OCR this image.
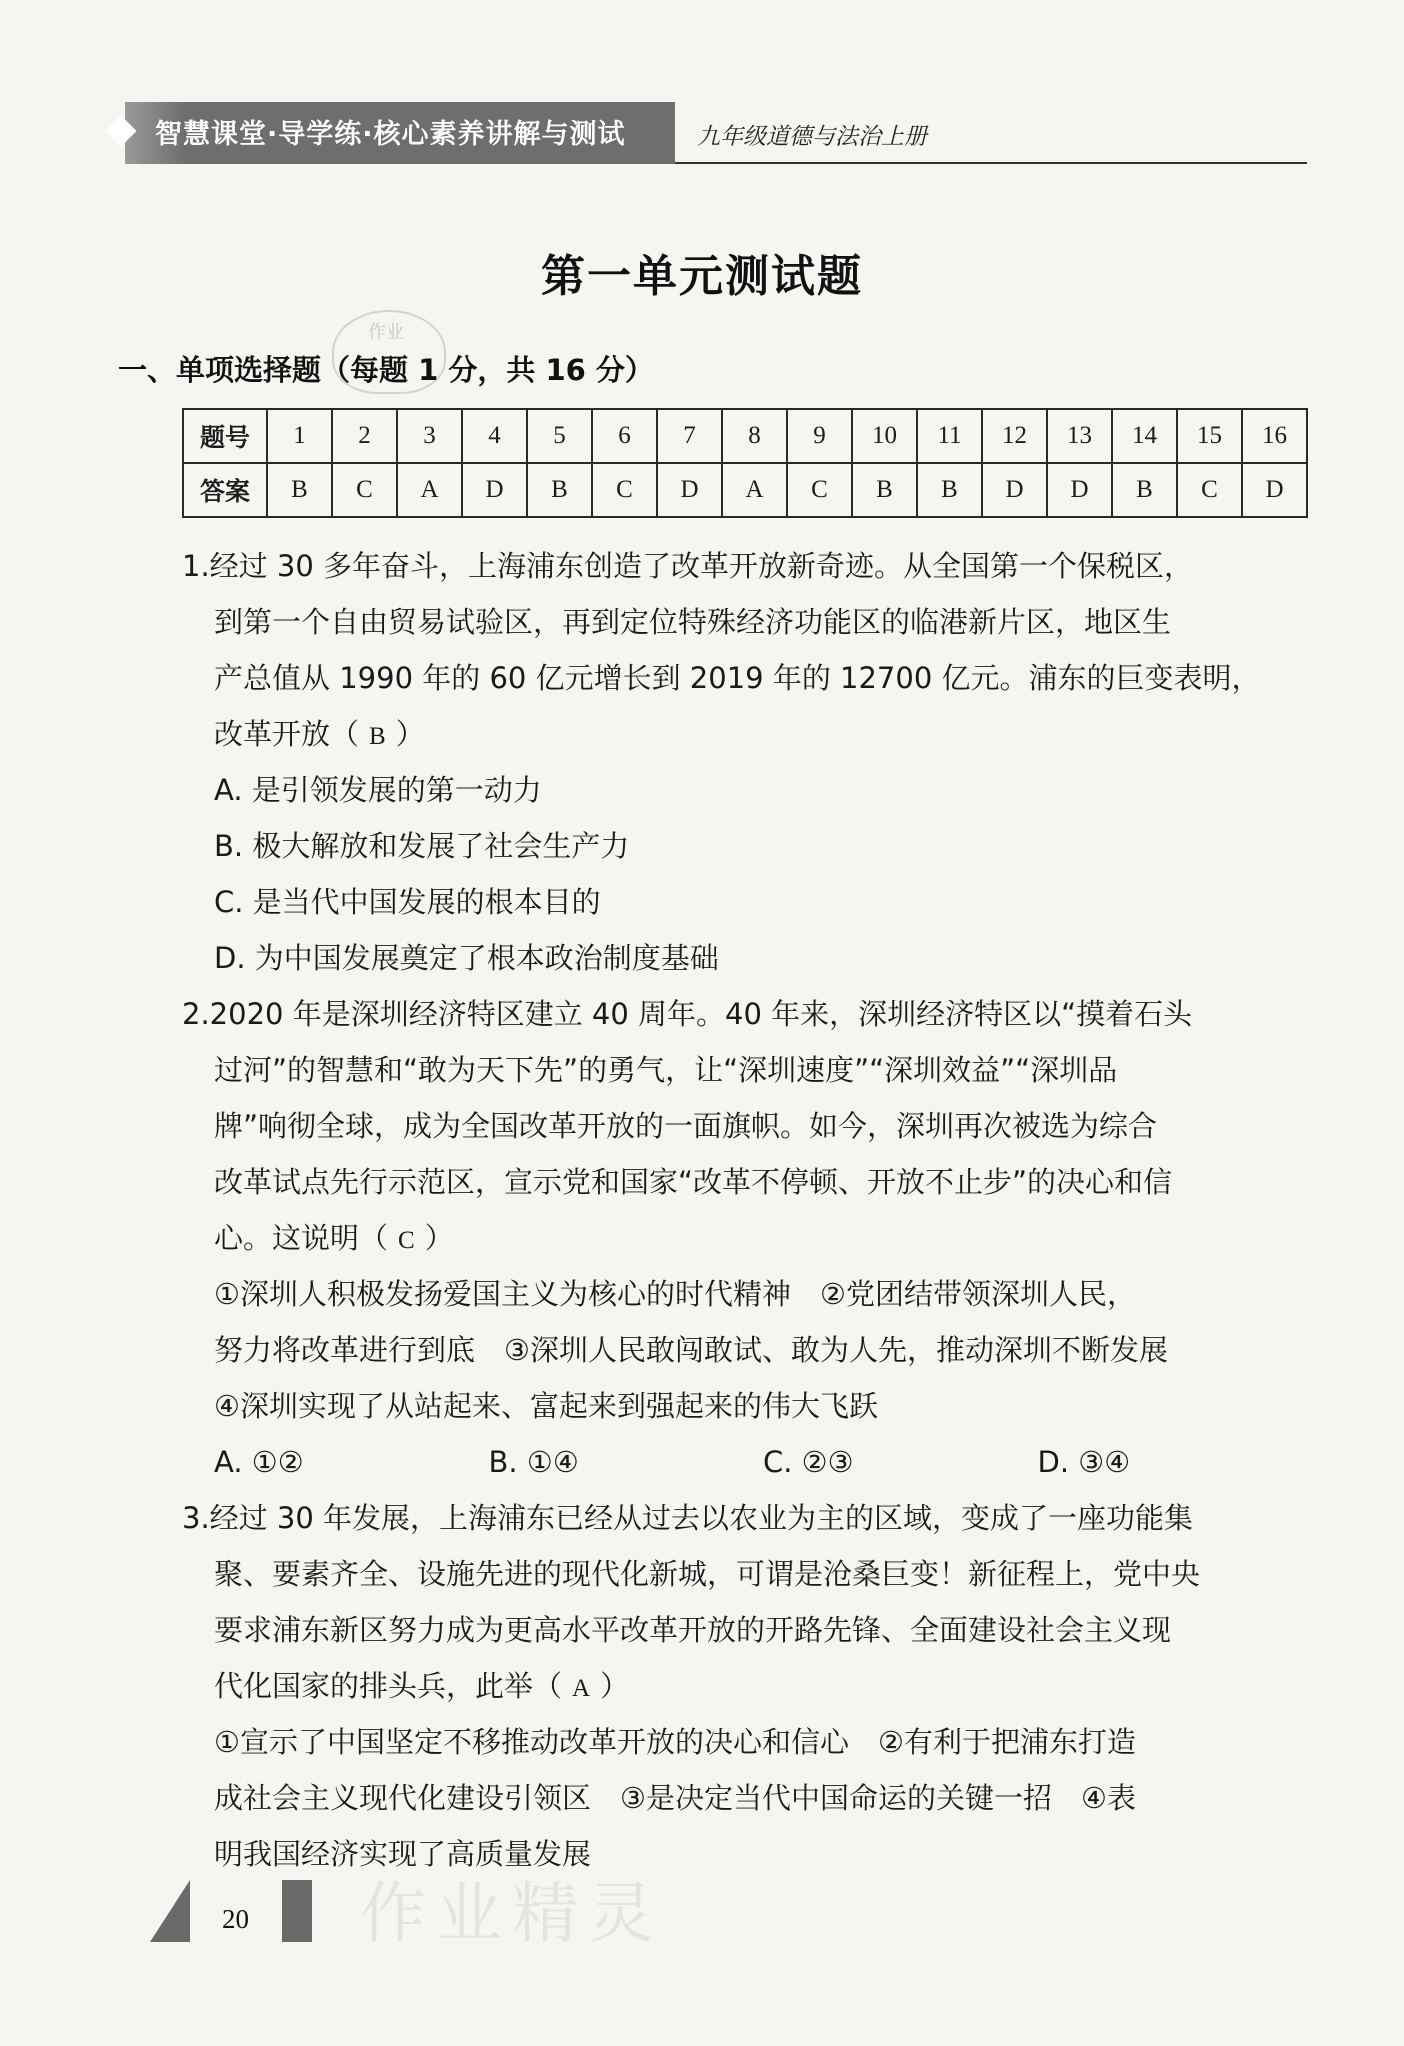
智慧课堂·导学练·核心素养讲解与测试	九年级道德与法治上册
第一单元测试题
作业
一、单项选择题（每题 1 分，共 16 分）
题号	1	2	3	4	5	6	7	8	9	10	11	12	13	14	15	16
答案	B	C	A	D	B	C	D	A	C	B	B	D	D	B	C	D
1.经过 30 多年奋斗，上海浦东创造了改革开放新奇迹。从全国第一个保税区，
到第一个自由贸易试验区，再到定位特殊经济功能区的临港新片区，地区生
产总值从 1990 年的 60 亿元增长到 2019 年的 12700 亿元。浦东的巨变表明，
改革开放（ B ）
A. 是引领发展的第一动力
B. 极大解放和发展了社会生产力
C. 是当代中国发展的根本目的
D. 为中国发展奠定了根本政治制度基础
2.2020 年是深圳经济特区建立 40 周年。40 年来，深圳经济特区以“摸着石头
过河”的智慧和“敢为天下先”的勇气，让“深圳速度”“深圳效益”“深圳品
牌”响彻全球，成为全国改革开放的一面旗帜。如今，深圳再次被选为综合
改革试点先行示范区，宣示党和国家“改革不停顿、开放不止步”的决心和信
心。这说明（ C ）
①深圳人积极发扬爱国主义为核心的时代精神　②党团结带领深圳人民，
努力将改革进行到底　③深圳人民敢闯敢试、敢为人先，推动深圳不断发展
④深圳实现了从站起来、富起来到强起来的伟大飞跃
A. ①②	B. ①④	C. ②③	D. ③④
3.经过 30 年发展，上海浦东已经从过去以农业为主的区域，变成了一座功能集
聚、要素齐全、设施先进的现代化新城，可谓是沧桑巨变！新征程上，党中央
要求浦东新区努力成为更高水平改革开放的开路先锋、全面建设社会主义现
代化国家的排头兵，此举（ A ）
①宣示了中国坚定不移推动改革开放的决心和信心　②有利于把浦东打造
成社会主义现代化建设引领区　③是决定当代中国命运的关键一招　④表
明我国经济实现了高质量发展
20 作业精灵
